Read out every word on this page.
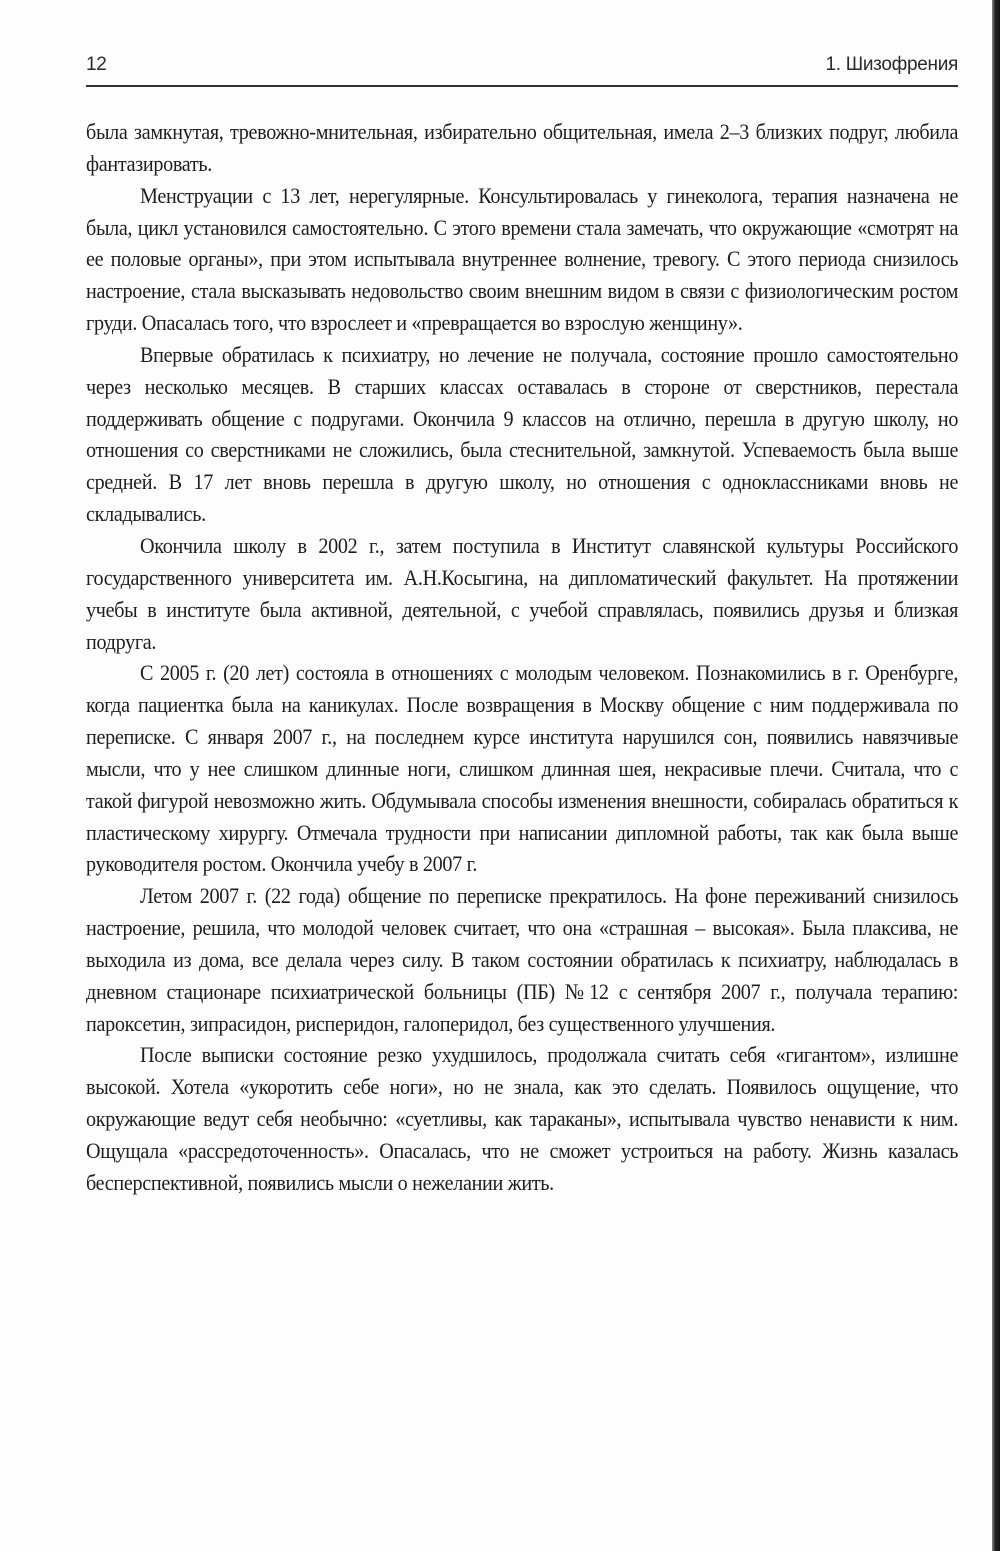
12	1. Шизофрения

была замкнутая, тревожно-мнительная, избирательно общительная, имела 2–3 близких подруг, любила фантазировать.

Менструации с 13 лет, нерегулярные. Консультировалась у гинеколога, терапия назначена не была, цикл установился самостоятельно. С этого времени стала замечать, что окружающие «смотрят на ее половые органы», при этом испытывала внутреннее волнение, тревогу. С этого периода снизилось настроение, стала высказывать недовольство своим внешним видом в связи с физиологическим ростом груди. Опасалась того, что взрослеет и «превращается во взрослую женщину».

Впервые обратилась к психиатру, но лечение не получала, состояние прошло самостоятельно через несколько месяцев. В старших классах оставалась в стороне от сверстников, перестала поддерживать общение с подругами. Окончила 9 классов на отлично, перешла в другую школу, но отношения со сверстниками не сложились, была стеснительной, замкнутой. Успеваемость была выше средней. В 17 лет вновь перешла в другую школу, но отношения с одноклассниками вновь не складывались.

Окончила школу в 2002 г., затем поступила в Институт славянской культуры Российского государственного университета им. А.Н.Косыгина, на дипломатический факультет. На протяжении учебы в институте была активной, деятельной, с учебой справлялась, появились друзья и близкая подруга.

С 2005 г. (20 лет) состояла в отношениях с молодым человеком. Познакомились в г. Оренбурге, когда пациентка была на каникулах. После возвращения в Москву общение с ним поддерживала по переписке. С января 2007 г., на последнем курсе института нарушился сон, появились навязчивые мысли, что у нее слишком длинные ноги, слишком длинная шея, некрасивые плечи. Считала, что с такой фигурой невозможно жить. Обдумывала способы изменения внешности, собиралась обратиться к пластическому хирургу. Отмечала трудности при написании дипломной работы, так как была выше руководителя ростом. Окончила учебу в 2007 г.

Летом 2007 г. (22 года) общение по переписке прекратилось. На фоне переживаний снизилось настроение, решила, что молодой человек считает, что она «страшная – высокая». Была плаксива, не выходила из дома, все делала через силу. В таком состоянии обратилась к психиатру, наблюдалась в дневном стационаре психиатрической больницы (ПБ) №12 с сентября 2007 г., получала терапию: пароксетин, зипрасидон, рисперидон, галоперидол, без существенного улучшения.

После выписки состояние резко ухудшилось, продолжала считать себя «гигантом», излишне высокой. Хотела «укоротить себе ноги», но не знала, как это сделать. Появилось ощущение, что окружающие ведут себя необычно: «суетливы, как тараканы», испытывала чувство ненависти к ним. Ощущала «рассредоточенность». Опасалась, что не сможет устроиться на работу. Жизнь казалась бесперспективной, появились мысли о нежелании жить.
